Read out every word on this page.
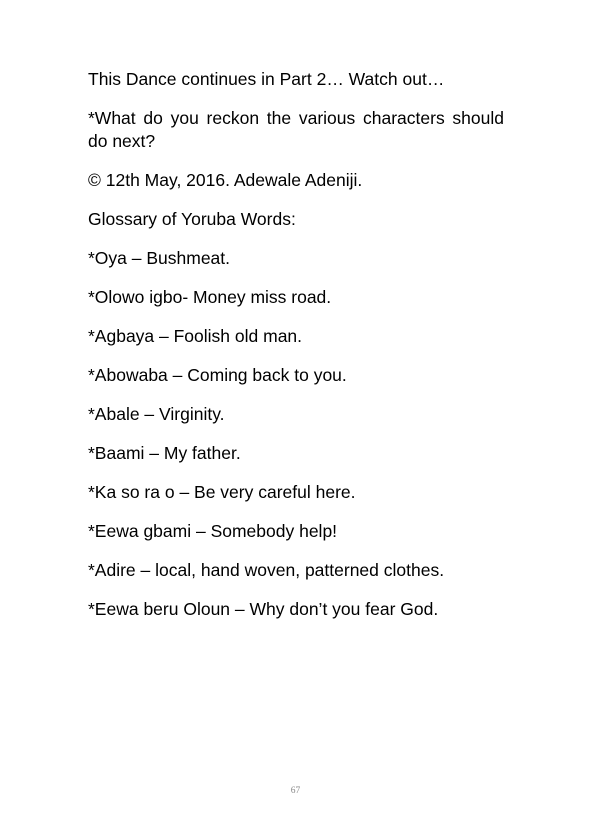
This Dance continues in Part 2… Watch out…

*What do you reckon the various characters should do next?

© 12th May, 2016. Adewale Adeniji.

Glossary of Yoruba Words:

*Oya – Bushmeat.
*Olowo igbo- Money miss road.
*Agbaya – Foolish old man.
*Abowaba – Coming back to you.
*Abale – Virginity.
*Baami – My father.
*Ka so ra o – Be very careful here.
*Eewa gbami – Somebody help!
*Adire – local, hand woven, patterned clothes.
*Eewa beru Oloun – Why don’t you fear God.
67
